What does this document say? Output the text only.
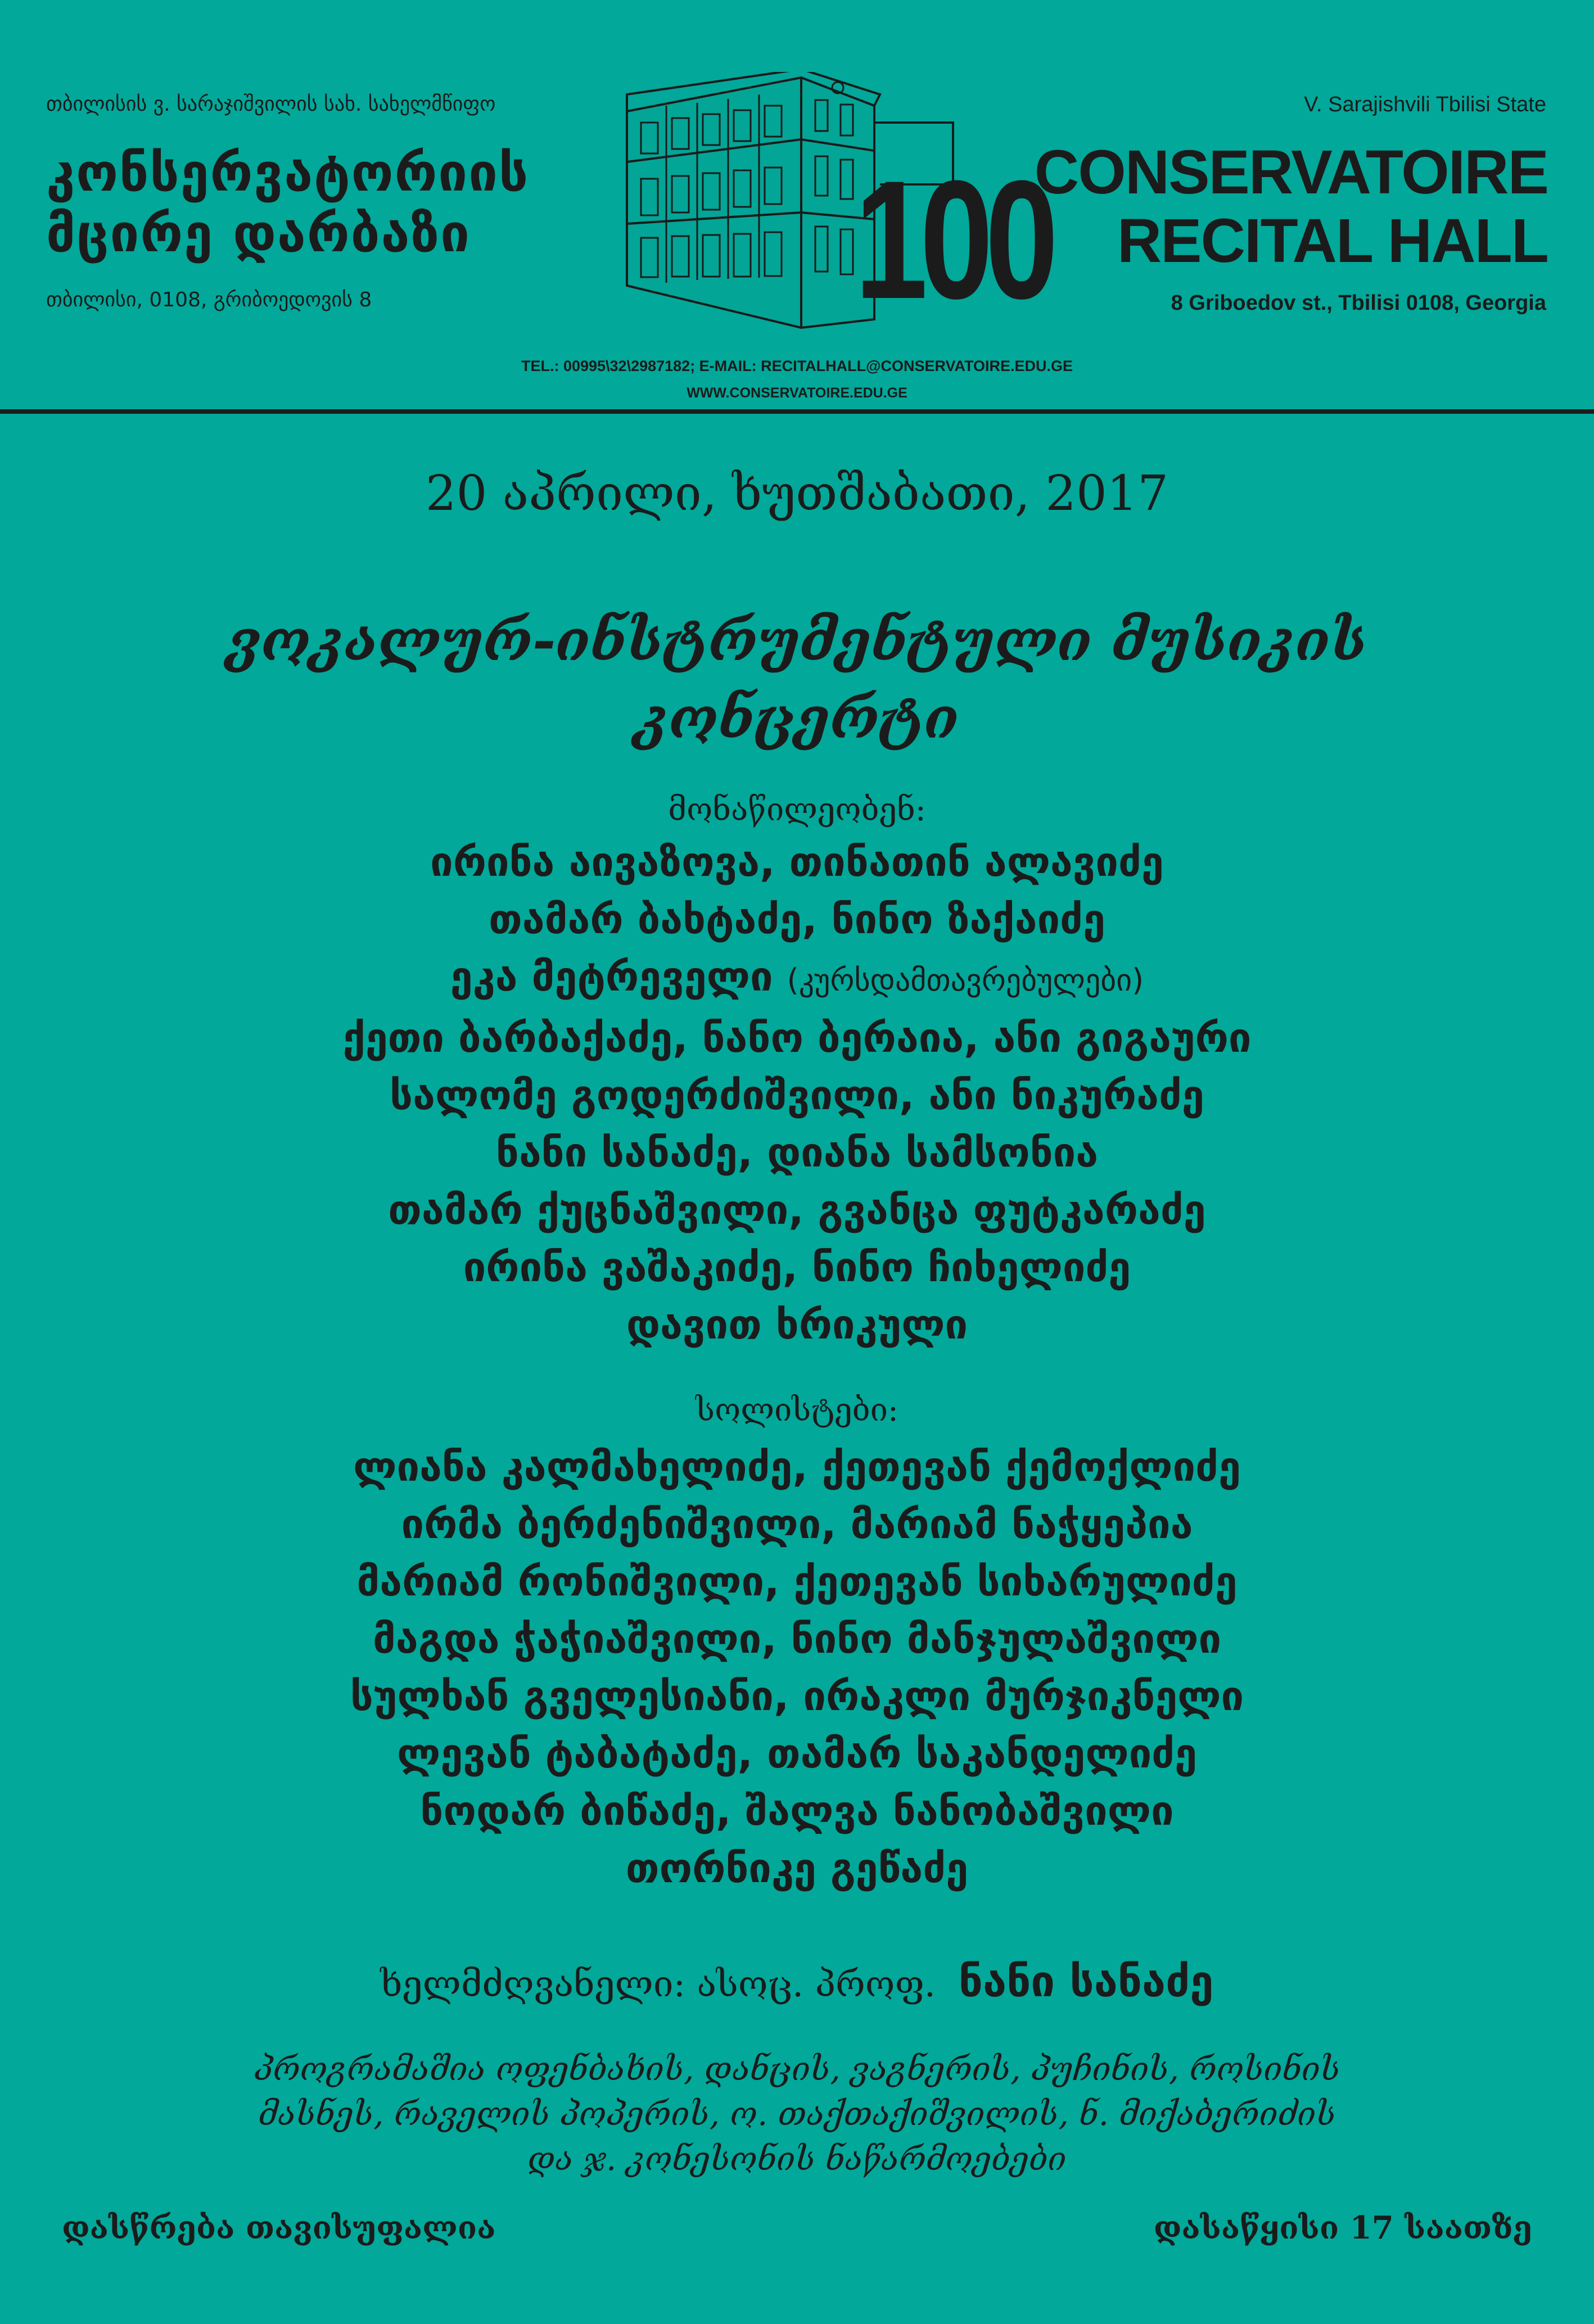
თბილისის ვ. სარაჯიშვილის სახ. სახელმწიფო
კონსერვატორიის
მცირე დარბაზი
თბილისი, 0108, გრიბოედოვის 8	100
V. Sarajishvili Tbilisi State
CONSERVATOIRE
RECITAL HALL
8 Griboedov st., Tbilisi 0108, Georgia
TEL.: 00995\32\2987182; E-MAIL: RECITALHALL@CONSERVATOIRE.EDU.GE
WWW.CONSERVATOIRE.EDU.GE
20 აპრილი, ხუთშაბათი, 2017
ვოკალურ-ინსტრუმენტული მუსიკის
კონცერტი
მონაწილეობენ:
ირინა აივაზოვა, თინათინ ალავიძე
თამარ ბახტაძე, ნინო ზაქაიძე
ეკა მეტრეველი (კურსდამთავრებულები)
ქეთი ბარბაქაძე, ნანო ბერაია, ანი გიგაური
სალომე გოდერძიშვილი, ანი ნიკურაძე
ნანი სანაძე, დიანა სამსონია
თამარ ქუცნაშვილი, გვანცა ფუტკარაძე
ირინა ვაშაკიძე, ნინო ჩიხელიძე
დავით ხრიკული
სოლისტები:
ლიანა კალმახელიძე, ქეთევან ქემოქლიძე
ირმა ბერძენიშვილი, მარიამ ნაჭყეპია
მარიამ რონიშვილი, ქეთევან სიხარულიძე
მაგდა ჭაჭიაშვილი, ნინო მანჯულაშვილი
სულხან გველესიანი, ირაკლი მურჯიკნელი
ლევან ტაბატაძე, თამარ საკანდელიძე
ნოდარ ბიწაძე, შალვა ნანობაშვილი
თორნიკე გეწაძე
ხელმძღვანელი: ასოც. პროფ. ნანი სანაძე
პროგრამაშია ოფენბახის, დანცის, ვაგნერის, პუჩინის, როსინის
მასნეს, რაველის პოპერის, ო. თაქთაქიშვილის, ნ. მიქაბერიძის
და ჯ. კონესონის ნაწარმოებები
დასწრება თავისუფალია	დასაწყისი 17 საათზე
